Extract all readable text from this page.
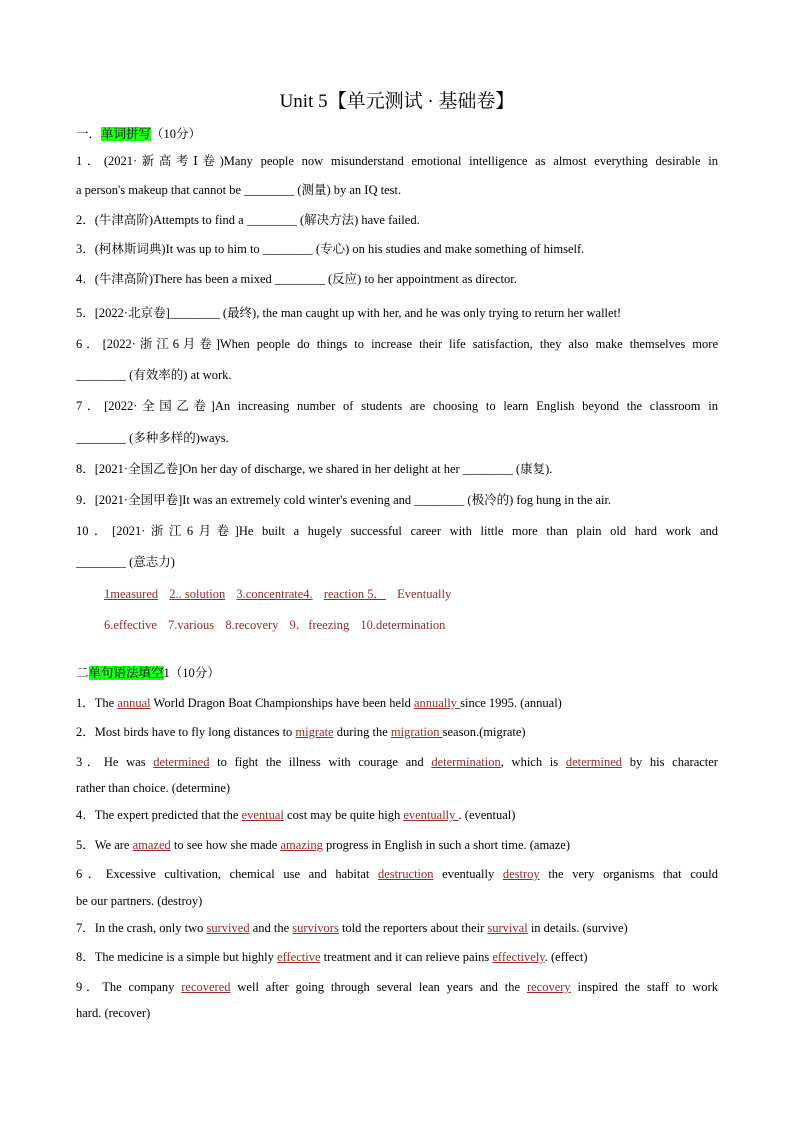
Unit 5【单元测试 · 基础卷】
一．单词拼写（10分）
1．(2021·新高考Ⅰ卷)Many people now misunderstand emotional intelligence as almost everything desirable in
a person's makeup that cannot be ________ (测量) by an IQ test.
2．(牛津高阶)Attempts to find a ________ (解决方法) have failed.
3．(柯林斯词典)It was up to him to ________ (专心) on his studies and make something of himself.
4．(牛津高阶)There has been a mixed ________ (反应) to her appointment as director.
5．[2022·北京卷]________ (最终), the man caught up with her, and he was only trying to return her wallet!
6．[2022·浙江6月卷]When people do things to increase their life satisfaction, they also make themselves more
________ (有效率的) at work.
7．[2022·全国乙卷]An increasing number of students are choosing to learn English beyond the classroom in
________ (多种多样的)ways.
8．[2021·全国乙卷]On her day of discharge, we shared in her delight at her ________ (康复).
9．[2021·全国甲卷]It was an extremely cold winter's evening and ________ (极冷的) fog hung in the air.
10．[2021·浙江6月卷]He built a hugely successful career with little more than plain old hard work and
________ (意志力)
1measured 2.. solution 3.concentrate4. reaction 5． Eventually
6.effective 7.various 8.recovery 9．freezing 10.determination
二单句语法填空1（10分）
1．The annual World Dragon Boat Championships have been held annually since 1995. (annual)
2．Most birds have to fly long distances to migrate during the migration season.(migrate)
3．He was determined to fight the illness with courage and determination, which is determined by his character
rather than choice. (determine)
4．The expert predicted that the eventual cost may be quite high eventually . (eventual)
5．We are amazed to see how she made amazing progress in English in such a short time. (amaze)
6．Excessive cultivation, chemical use and habitat destruction eventually destroy the very organisms that could
be our partners. (destroy)
7．In the crash, only two survived and the survivors told the reporters about their survival in details. (survive)
8．The medicine is a simple but highly effective treatment and it can relieve pains effectively. (effect)
9．The company recovered well after going through several lean years and the recovery inspired the staff to work
hard. (recover)
